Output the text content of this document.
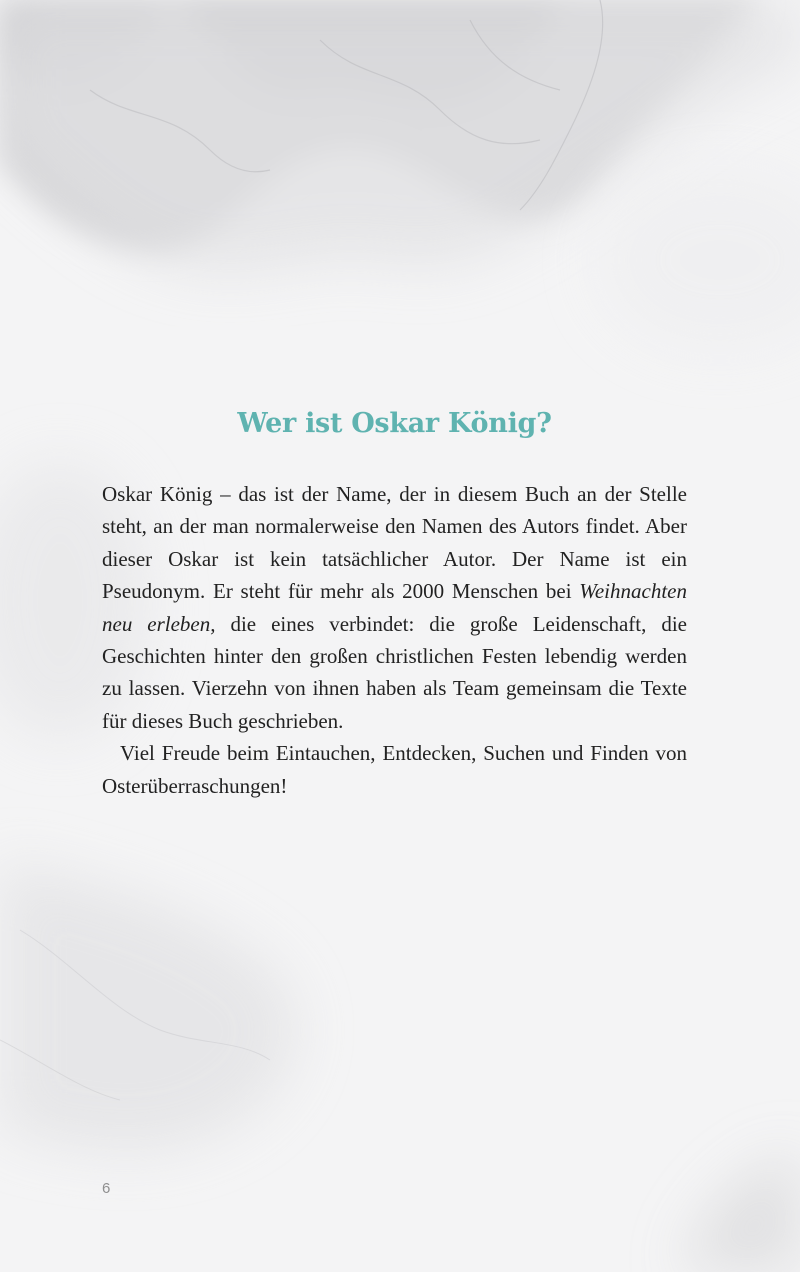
Wer ist Oskar König?

Oskar König – das ist der Name, der in diesem Buch an der Stelle steht, an der man normalerweise den Namen des Autors findet. Aber dieser Oskar ist kein tatsächlicher Autor. Der Name ist ein Pseudonym. Er steht für mehr als 2000 Menschen bei Weihnachten neu erleben, die eines verbindet: die große Leidenschaft, die Geschichten hinter den großen christlichen Festen lebendig werden zu lassen. Vierzehn von ihnen haben als Team gemeinsam die Texte für dieses Buch geschrieben.

Viel Freude beim Eintauchen, Entdecken, Suchen und Finden von Osterüberraschungen!

6
